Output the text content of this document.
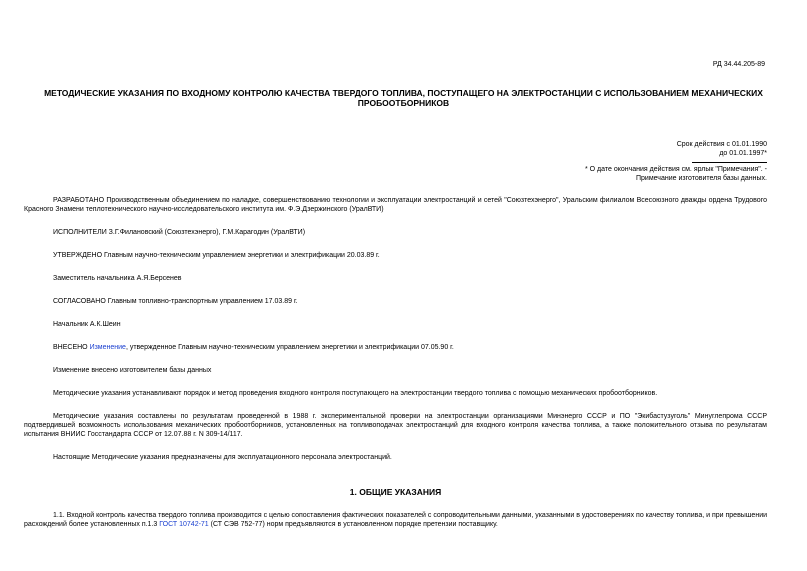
РД 34.44.205-89
МЕТОДИЧЕСКИЕ УКАЗАНИЯ ПО ВХОДНОМУ КОНТРОЛЮ КАЧЕСТВА ТВЕРДОГО ТОПЛИВА, ПОСТУПАЩЕГО НА ЭЛЕКТРОСТАНЦИИ С ИСПОЛЬЗОВАНИЕМ МЕХАНИЧЕСКИХ ПРОБООТБОРНИКОВ
Срок действия с 01.01.1990
до 01.01.1997*
* О дате окончания действия см. ярлык "Примечания". -
Примечание изготовителя базы данных.

РАЗРАБОТАНО Производственным объединением по наладке, совершенствованию технологии и эксплуатации электростанций и сетей "Союзтехэнерго", Уральским филиалом Всесоюзного дважды ордена Трудового Красного Знамени теплотехнического научно-исследовательского института им. Ф.Э.Дзержинского (УралВТИ)

ИСПОЛНИТЕЛИ З.Г.Филановский (Союзтехэнерго), Г.М.Карагодин (УралВТИ)

УТВЕРЖДЕНО Главным научно-техническим управлением энергетики и электрификации 20.03.89 г.

Заместитель начальника А.Я.Берсенев

СОГЛАСОВАНО Главным топливно-транспортным управлением 17.03.89 г.

Начальник А.К.Шеин

ВНЕСЕНО Изменение, утвержденное Главным научно-техническим управлением энергетики и электрификации 07.05.90 г.

Изменение внесено изготовителем базы данных

Методические указания устанавливают порядок и метод проведения входного контроля поступающего на электростанции твердого топлива с помощью механических пробоотборников.

Методические указания составлены по результатам проведенной в 1988 г. экспериментальной проверки на электростанции организациями Минэнерго СССР и ПО "Экибастузуголь" Минуглепрома СССР подтвердившей возможность использования механических пробоотборников, установленных на топливоподачах электростанций для входного контроля качества топлива, а также положительного отзыва по результатам испытания ВНИИС Госстандарта СССР от 12.07.88 г. N 309-14/117.

Настоящие Методические указания предназначены для эксплуатационного персонала электростанций.

1. ОБЩИЕ УКАЗАНИЯ

1.1. Входной контроль качества твердого топлива производится с целью сопоставления фактических показателей с сопроводительными данными, указанными в удостоверениях по качеству топлива, и при превышении расхождений более установленных п.1.3 ГОСТ 10742-71 (СТ СЭВ 752-77) норм предъявляются в установленном порядке претензии поставщику.
